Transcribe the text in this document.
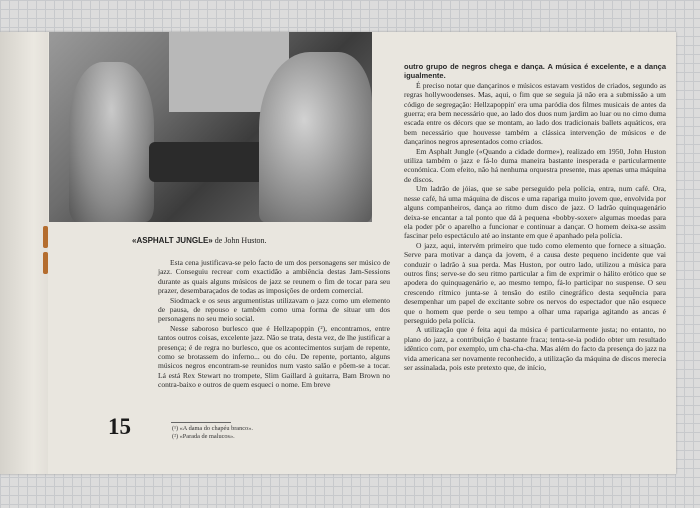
«ASPHALT JUNGLE» de John Huston.

Esta cena justificava-se pelo facto de um dos personagens ser músico de jazz. Conseguiu recrear com exactidão a ambiência destas Jam-Sessions durante as quais alguns músicos de jazz se reunem o fim de tocar para seu prazer, desembaraçados de todas as imposições de ordem comercial.

Siodmack e os seus argumentistas utilizavam o jazz como um elemento de pausa, de repouso e também como uma forma de situar um dos personagens no seu meio social.

Nesse saboroso burlesco que é Hellzapoppin (²), encontramos, entre tantos outros coisas, excelente jazz. Não se trata, desta vez, de lhe justificar a presença; é de regra no burlesco, que os acontecimentos surjam de repente, como se brotassem do inferno... ou do céu. De repente, portanto, alguns músicos negros encontram-se reunidos num vasto salão e põem-se a tocar. Lá está Rex Stewart no trompete, Slim Gaillard à guitarra, Bam Brown no contra-baixo e outros de quem esqueci o nome. Em breve

outro grupo de negros chega e dança. A música é excelente, e a dança igualmente.

É preciso notar que dançarinos e músicos estavam vestidos de criados, segundo as regras hollywoodenses. Mas, aqui, o fim que se seguia já não era a submissão a um código de segregação: Hellzapoppin' era uma paródia dos filmes musicais de antes da guerra; era bem necessário que, ao lado dos duos num jardim ao luar ou no cimo duma escada entre os décors que se montam, ao lado dos tradicionais ballets aquáticos, era bem necessário que houvesse também a clássica intervenção de músicos e de dançarinos negros apresentados como criados.

Em Asphalt Jungle («Quando a cidade dorme»), realizado em 1950, John Huston utiliza também o jazz e fá-lo duma maneira bastante inesperada e particularmente económica. Com efeito, não há nenhuma orquestra presente, mas apenas uma máquina de discos.

Um ladrão de jóias, que se sabe perseguido pela polícia, entra, num café. Ora, nesse café, há uma máquina de discos e uma rapariga muito jovem que, envolvida por alguns companheiros, dança ao ritmo dum disco de jazz. O ladrão quinquagenário deixa-se encantar a tal ponto que dá à pequena «bobby-soxer» algumas moedas para ela poder pôr o aparelho a funcionar e continuar a dançar. O homem deixa-se assim fascinar pelo espectáculo até ao instante em que é apanhado pela polícia.

O jazz, aqui, intervém primeiro que tudo como elemento que fornece a situação. Serve para motivar a dança da jovem, é a causa deste pequeno incidente que vai conduzir o ladrão à sua perda. Mas Huston, por outro lado, utilizou a música para outros fins; serve-se do seu ritmo particular a fim de exprimir o hálito erótico que se apodera do quinquagenário e, ao mesmo tempo, fá-lo participar no suspense. O seu crescendo rítmico junta-se à tensão do estilo cinegráfico desta sequência para desempenhar um papel de excitante sobre os nervos do espectador que não esquece que o homem que perde o seu tempo a olhar uma rapariga agitando as ancas é perseguido pela polícia.

A utilização que é feita aqui da música é particularmente justa; no entanto, no plano do jazz, a contribuição é bastante fraca; tenta-se-ia podido obter um resultado idêntico com, por exemplo, um cha-cha-cha. Mas além do facto da presença do jazz na vida americana ser novamente reconhecido, a utilização da máquina de discos merecia ser assinalada, pois este pretexto que, de início,

15	(¹) «A dama do chapéu branco».
(²) «Parada de malucos».
